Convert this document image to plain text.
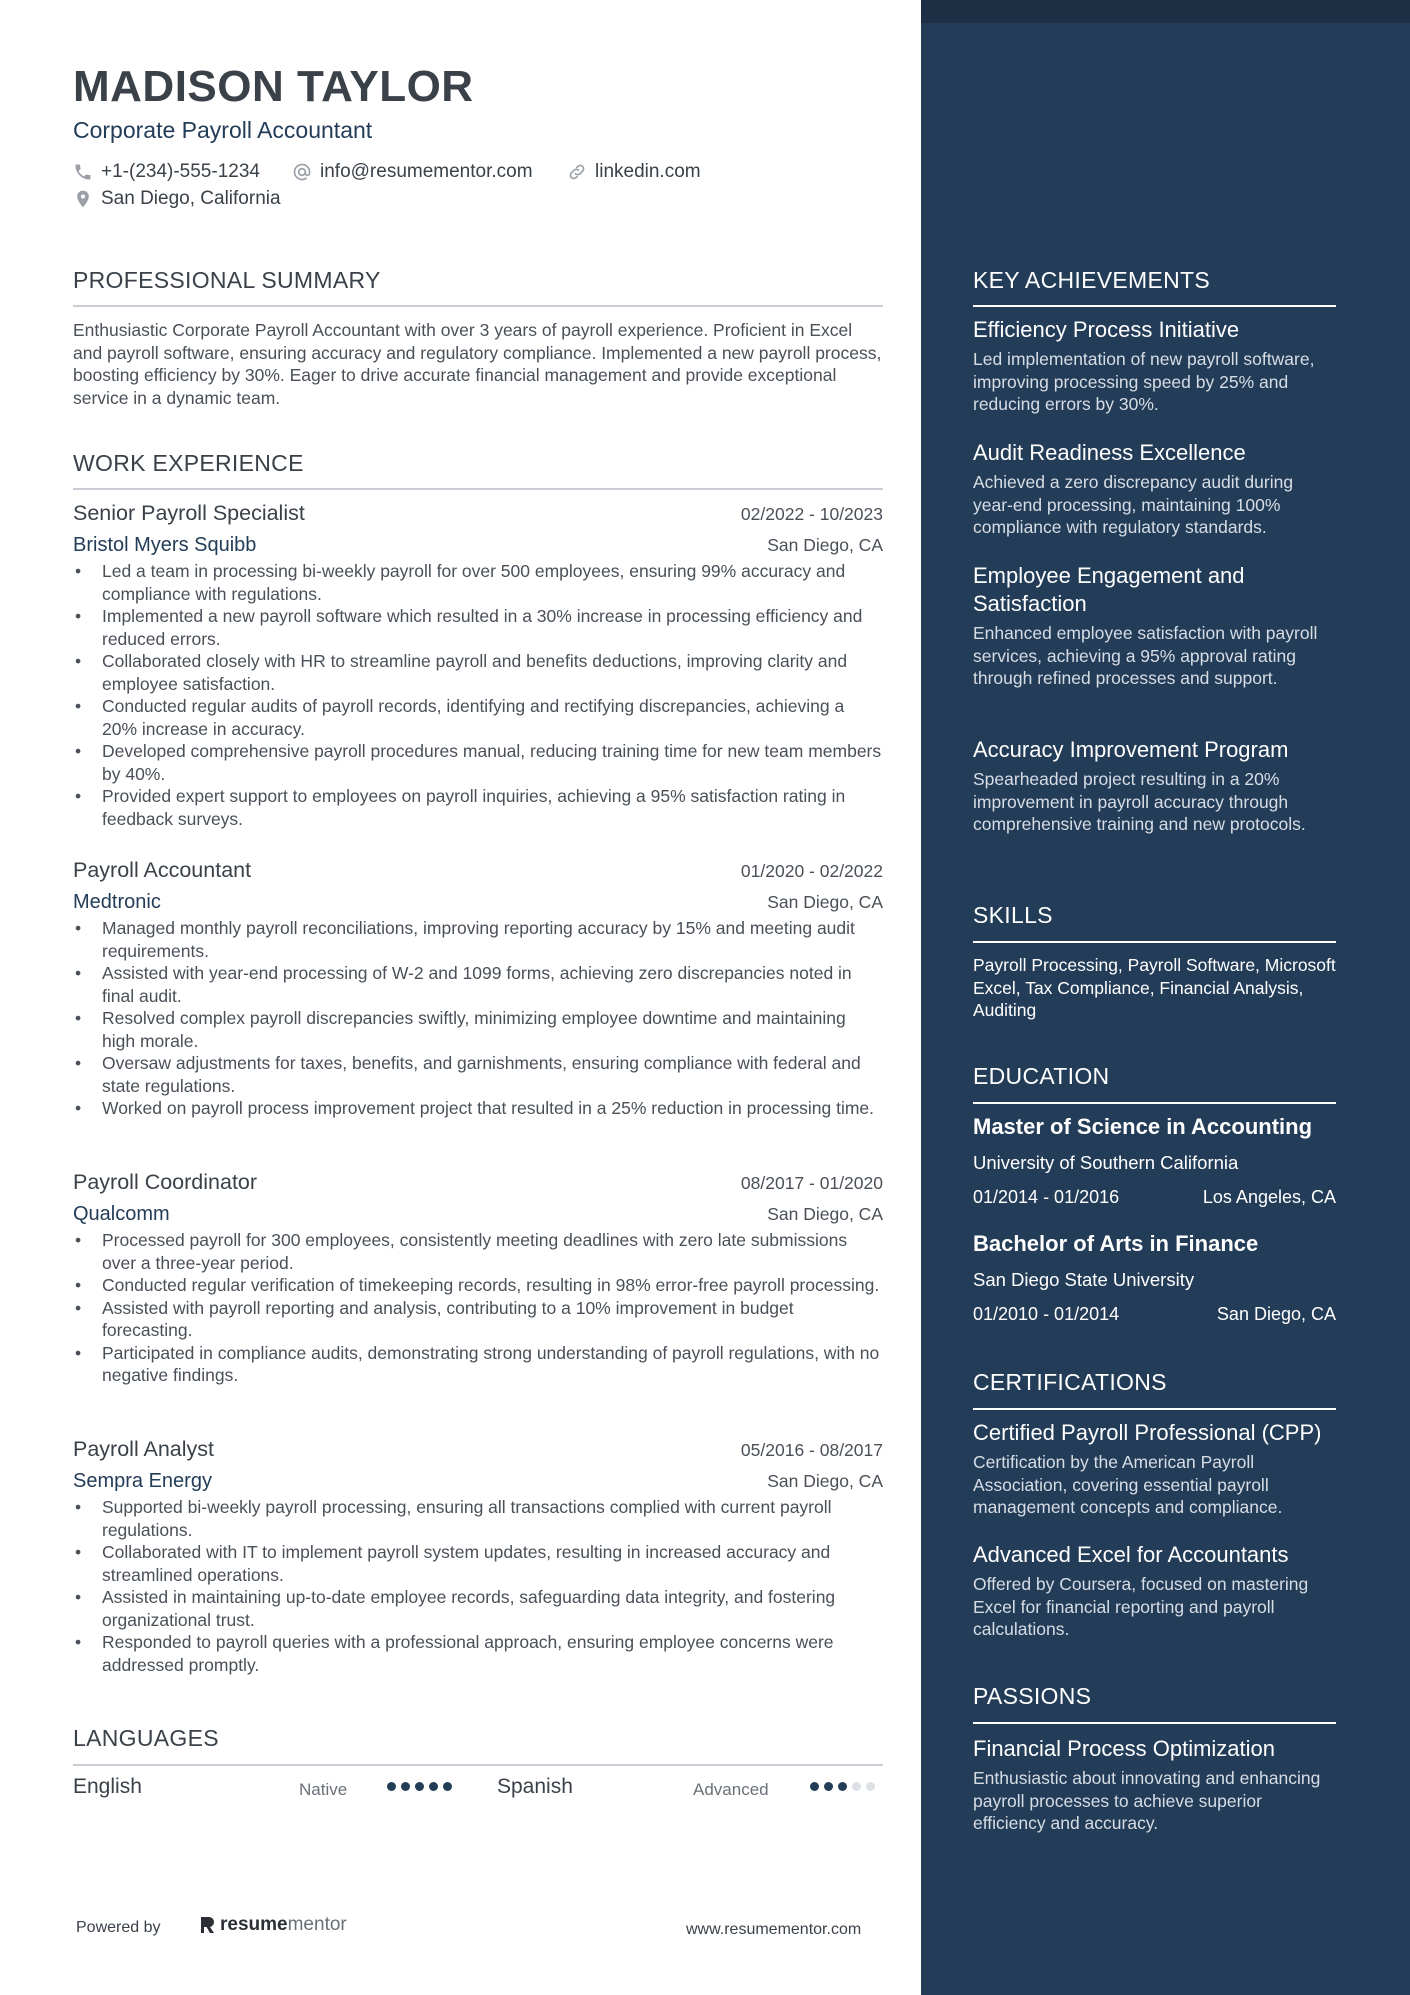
MADISON TAYLOR
Corporate Payroll Accountant
+1-(234)-555-1234	info@resumementor.com	linkedin.com
San Diego, California
PROFESSIONAL SUMMARY
Enthusiastic Corporate Payroll Accountant with over 3 years of payroll experience. Proficient in Excel and payroll software, ensuring accuracy and regulatory compliance. Implemented a new payroll process, boosting efficiency by 30%. Eager to drive accurate financial management and provide exceptional service in a dynamic team.
WORK EXPERIENCE
Senior Payroll Specialist	02/2022 - 10/2023
Bristol Myers Squibb	San Diego, CA
• Led a team in processing bi-weekly payroll for over 500 employees, ensuring 99% accuracy and compliance with regulations.
• Implemented a new payroll software which resulted in a 30% increase in processing efficiency and reduced errors.
• Collaborated closely with HR to streamline payroll and benefits deductions, improving clarity and employee satisfaction.
• Conducted regular audits of payroll records, identifying and rectifying discrepancies, achieving a 20% increase in accuracy.
• Developed comprehensive payroll procedures manual, reducing training time for new team members by 40%.
• Provided expert support to employees on payroll inquiries, achieving a 95% satisfaction rating in feedback surveys.
Payroll Accountant	01/2020 - 02/2022
Medtronic	San Diego, CA
• Managed monthly payroll reconciliations, improving reporting accuracy by 15% and meeting audit requirements.
• Assisted with year-end processing of W-2 and 1099 forms, achieving zero discrepancies noted in final audit.
• Resolved complex payroll discrepancies swiftly, minimizing employee downtime and maintaining high morale.
• Oversaw adjustments for taxes, benefits, and garnishments, ensuring compliance with federal and state regulations.
• Worked on payroll process improvement project that resulted in a 25% reduction in processing time.
Payroll Coordinator	08/2017 - 01/2020
Qualcomm	San Diego, CA
• Processed payroll for 300 employees, consistently meeting deadlines with zero late submissions over a three-year period.
• Conducted regular verification of timekeeping records, resulting in 98% error-free payroll processing.
• Assisted with payroll reporting and analysis, contributing to a 10% improvement in budget forecasting.
• Participated in compliance audits, demonstrating strong understanding of payroll regulations, with no negative findings.
Payroll Analyst	05/2016 - 08/2017
Sempra Energy	San Diego, CA
• Supported bi-weekly payroll processing, ensuring all transactions complied with current payroll regulations.
• Collaborated with IT to implement payroll system updates, resulting in increased accuracy and streamlined operations.
• Assisted in maintaining up-to-date employee records, safeguarding data integrity, and fostering organizational trust.
• Responded to payroll queries with a professional approach, ensuring employee concerns were addressed promptly.
LANGUAGES
English	Native	Spanish	Advanced
Powered by	resumementor	www.resumementor.com
KEY ACHIEVEMENTS
Efficiency Process Initiative
Led implementation of new payroll software, improving processing speed by 25% and reducing errors by 30%.
Audit Readiness Excellence
Achieved a zero discrepancy audit during year-end processing, maintaining 100% compliance with regulatory standards.
Employee Engagement and Satisfaction
Enhanced employee satisfaction with payroll services, achieving a 95% approval rating through refined processes and support.
Accuracy Improvement Program
Spearheaded project resulting in a 20% improvement in payroll accuracy through comprehensive training and new protocols.
SKILLS
Payroll Processing, Payroll Software, Microsoft Excel, Tax Compliance, Financial Analysis, Auditing
EDUCATION
Master of Science in Accounting
University of Southern California
01/2014 - 01/2016	Los Angeles, CA
Bachelor of Arts in Finance
San Diego State University
01/2010 - 01/2014	San Diego, CA
CERTIFICATIONS
Certified Payroll Professional (CPP)
Certification by the American Payroll Association, covering essential payroll management concepts and compliance.
Advanced Excel for Accountants
Offered by Coursera, focused on mastering Excel for financial reporting and payroll calculations.
PASSIONS
Financial Process Optimization
Enthusiastic about innovating and enhancing payroll processes to achieve superior efficiency and accuracy.
